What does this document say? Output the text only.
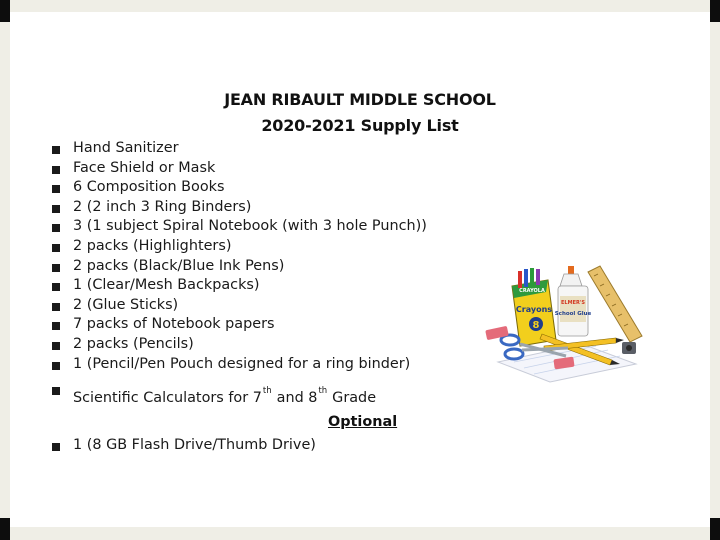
JEAN RIBAULT MIDDLE SCHOOL
2020-2021 Supply List
Hand Sanitizer
Face Shield or Mask
6 Composition Books
2 (2 inch 3 Ring Binders)
3 (1 subject Spiral Notebook (with 3 hole Punch))
2 packs (Highlighters)
2 packs (Black/Blue Ink Pens)
1 (Clear/Mesh Backpacks)
2 (Glue Sticks)
7 packs of Notebook papers
2 packs (Pencils)
1 (Pencil/Pen Pouch designed for a ring binder)
Scientific Calculators for 7th and 8th Grade
Optional
1 (8 GB Flash Drive/Thumb Drive)
CRAYOLA
Crayons
8
ELMER'S
School Glue
